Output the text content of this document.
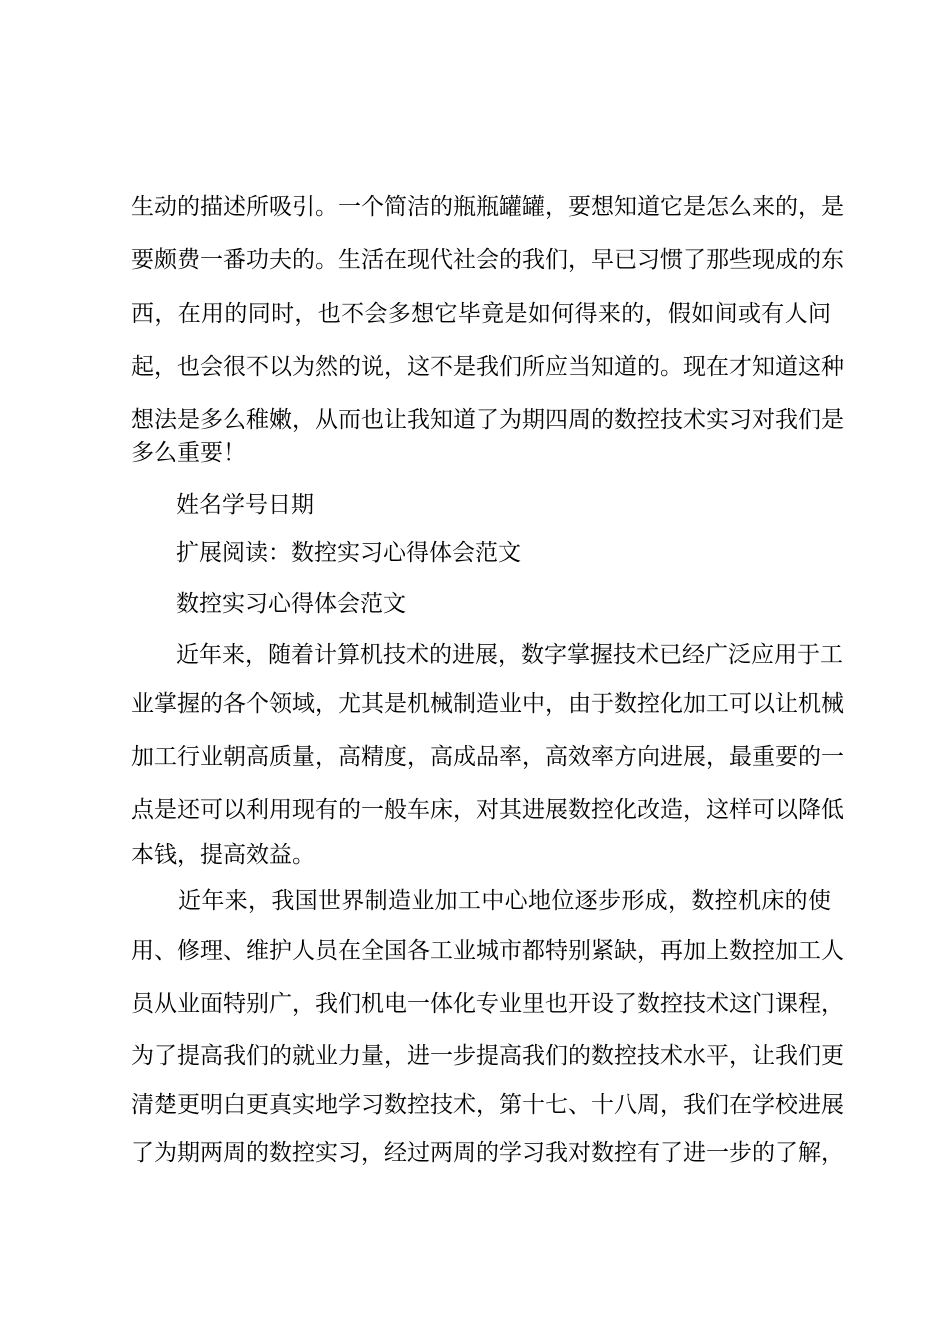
生动的描述所吸引。一个简洁的瓶瓶罐罐，要想知道它是怎么来的，是
要颇费一番功夫的。生活在现代社会的我们，早已习惯了那些现成的东
西，在用的同时，也不会多想它毕竟是如何得来的，假如间或有人问
起，也会很不以为然的说，这不是我们所应当知道的。现在才知道这种
想法是多么稚嫩，从而也让我知道了为期四周的数控技术实习对我们是
多么重要！
姓名学号日期
扩展阅读：数控实习心得体会范文
数控实习心得体会范文
近年来，随着计算机技术的进展，数字掌握技术已经广泛应用于工
业掌握的各个领域，尤其是机械制造业中，由于数控化加工可以让机械
加工行业朝高质量，高精度，高成品率，高效率方向进展，最重要的一
点是还可以利用现有的一般车床，对其进展数控化改造，这样可以降低
本钱，提高效益。
近年来，我国世界制造业加工中心地位逐步形成，数控机床的使
用、修理、维护人员在全国各工业城市都特别紧缺，再加上数控加工人
员从业面特别广，我们机电一体化专业里也开设了数控技术这门课程，
为了提高我们的就业力量，进一步提高我们的数控技术水平，让我们更
清楚更明白更真实地学习数控技术，第十七、十八周，我们在学校进展
了为期两周的数控实习，经过两周的学习我对数控有了进一步的了解，
